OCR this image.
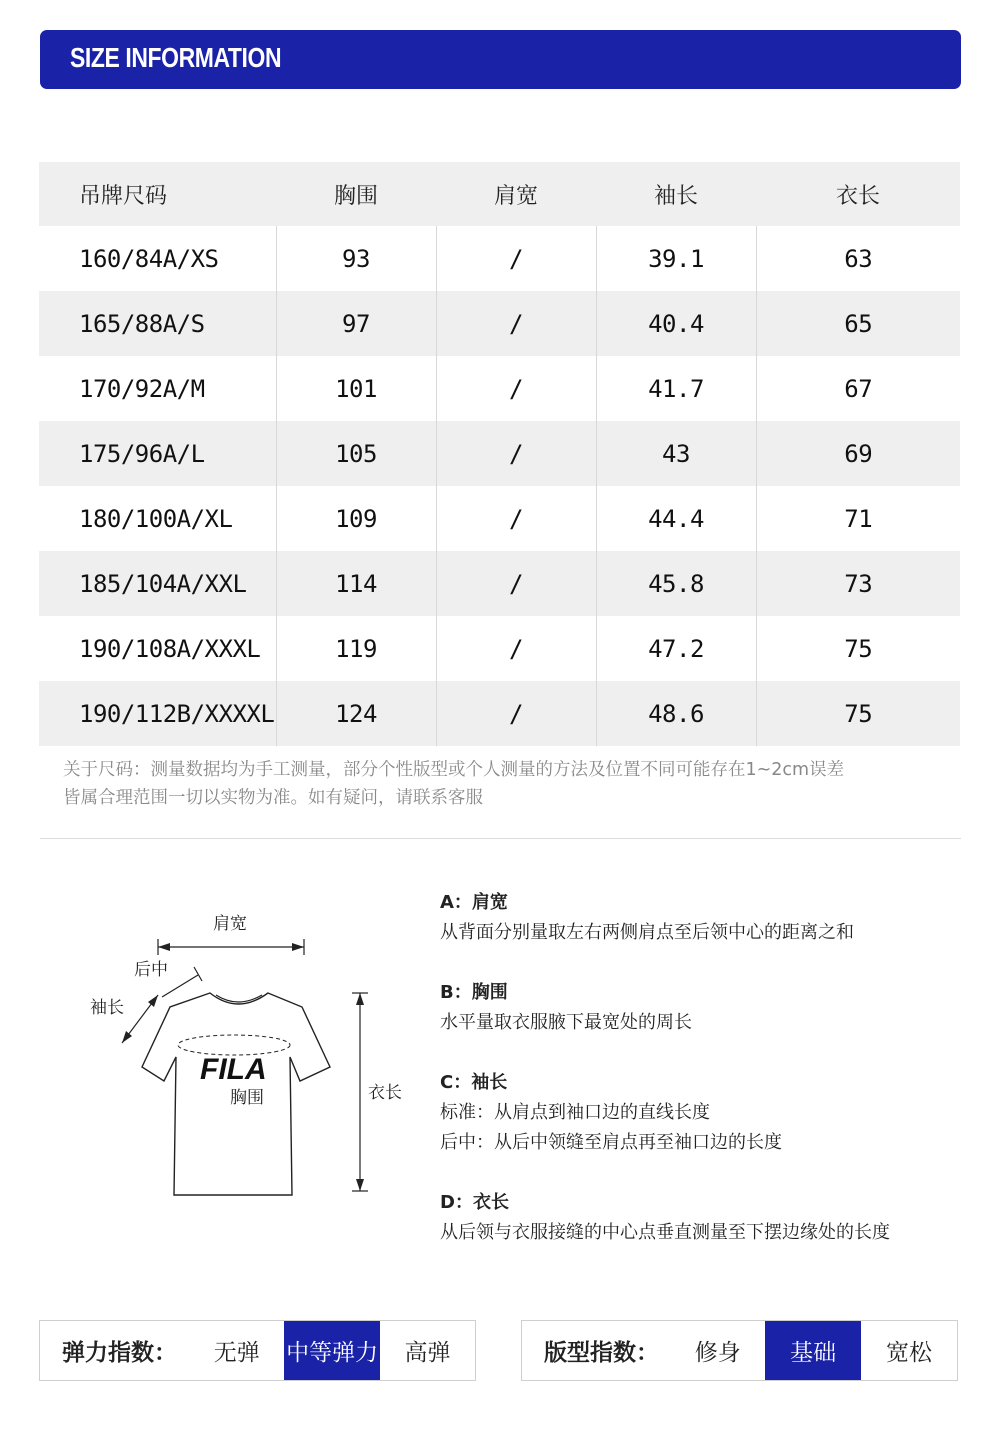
SIZE INFORMATION
吊牌尺码	胸围	肩宽	袖长	衣长
160/84A/XS	93	/	39.1	63
165/88A/S	97	/	40.4	65
170/92A/M	101	/	41.7	67
175/96A/L	105	/	43	69
180/100A/XL	109	/	44.4	71
185/104A/XXL	114	/	45.8	73
190/108A/XXXL	119	/	47.2	75
190/112B/XXXXL	124	/	48.6	75
关于尺码：测量数据均为手工测量，部分个性版型或个人测量的方法及位置不同可能存在1~2cm误差
皆属合理范围一切以实物为准。如有疑问，请联系客服
肩宽
后中
袖长
FILA
胸围	衣长
A：肩宽
从背面分别量取左右两侧肩点至后领中心的距离之和
B：胸围
水平量取衣服腋下最宽处的周长
C：袖长
标准：从肩点到袖口边的直线长度
后中：从后中领缝至肩点再至袖口边的长度
D：衣长
从后领与衣服接缝的中心点垂直测量至下摆边缘处的长度
弹力指数：	无弹	中等弹力	高弹	版型指数：	修身	基础	宽松
